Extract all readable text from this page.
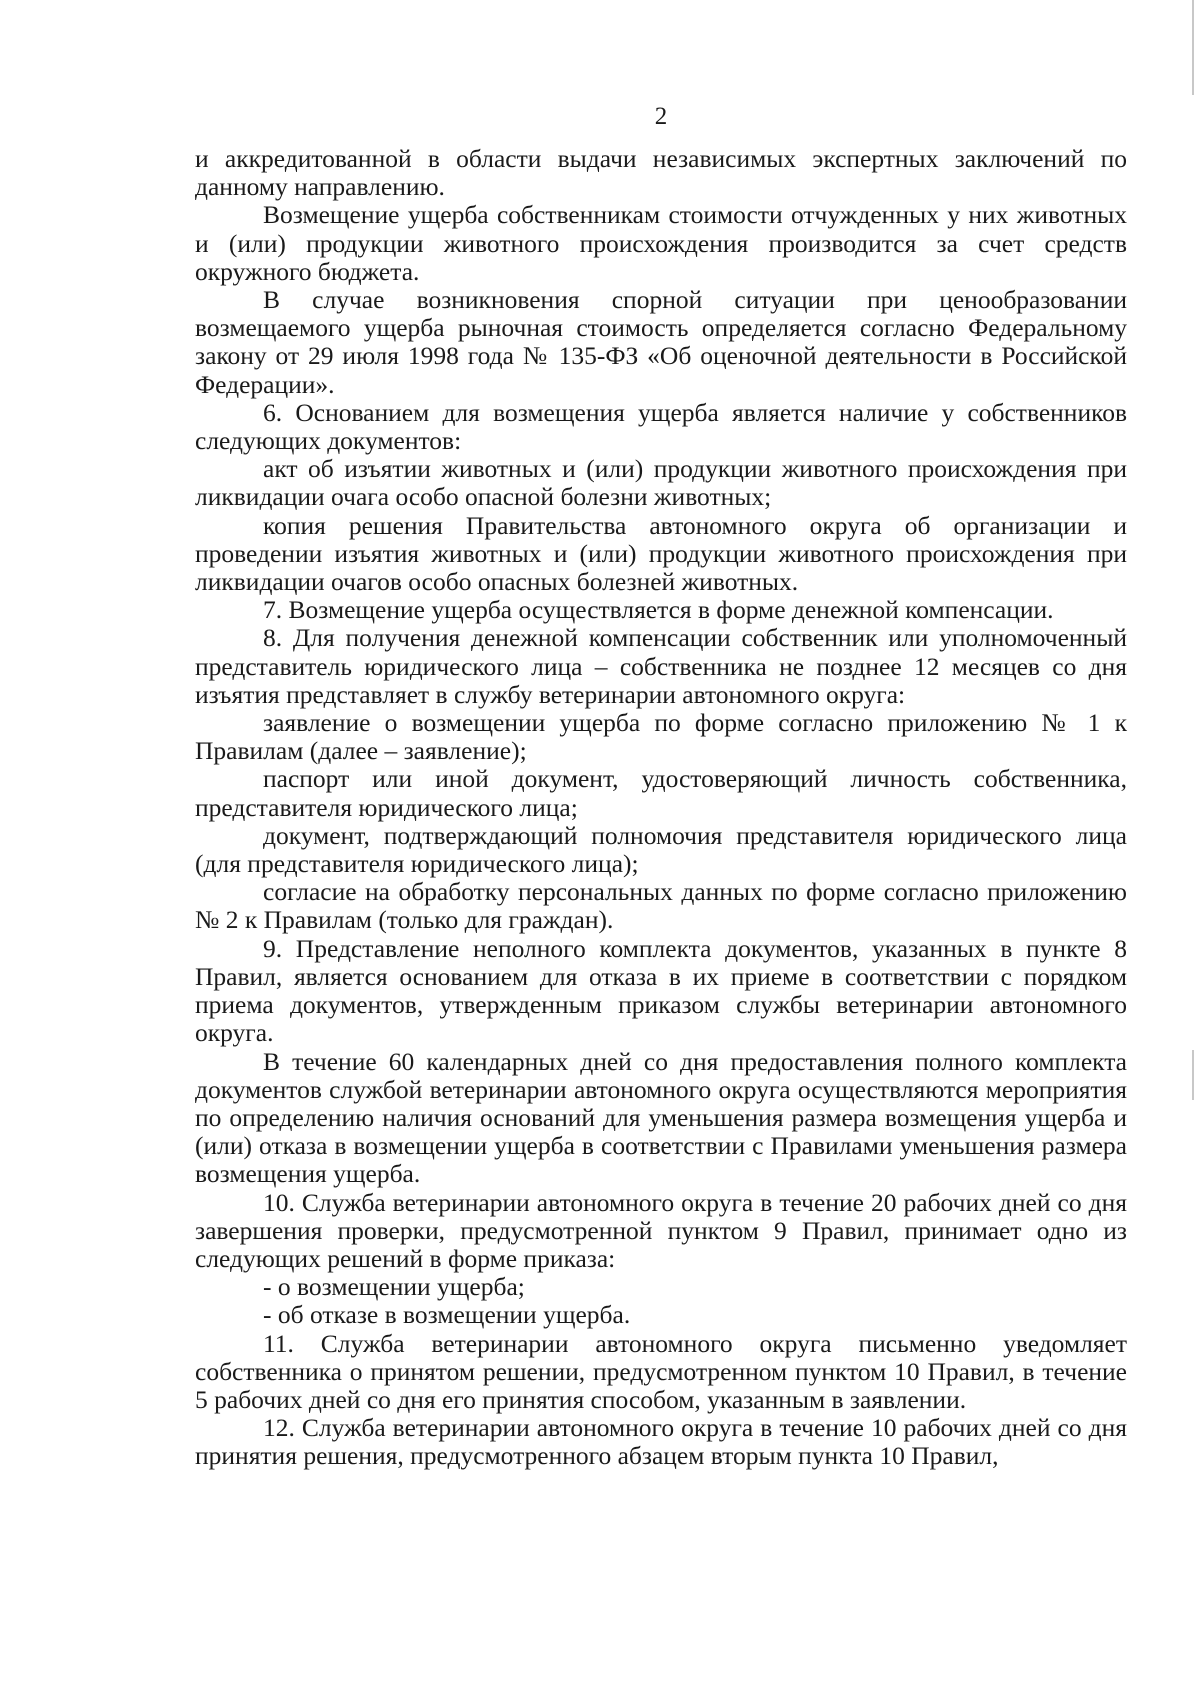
2

и аккредитованной в области выдачи независимых экспертных заключений по данному направлению.

Возмещение ущерба собственникам стоимости отчужденных у них животных и (или) продукции животного происхождения производится за счет средств окружного бюджета.

В случае возникновения спорной ситуации при ценообразовании возмещаемого ущерба рыночная стоимость определяется согласно Федеральному закону от 29 июля 1998 года № 135-ФЗ «Об оценочной деятельности в Российской Федерации».

6. Основанием для возмещения ущерба является наличие у собственников следующих документов:

акт об изъятии животных и (или) продукции животного происхождения при ликвидации очага особо опасной болезни животных;

копия решения Правительства автономного округа об организации и проведении изъятия животных и (или) продукции животного происхождения при ликвидации очагов особо опасных болезней животных.

7. Возмещение ущерба осуществляется в форме денежной компенсации.

8. Для получения денежной компенсации собственник или уполномоченный представитель юридического лица – собственника не позднее 12 месяцев со дня изъятия представляет в службу ветеринарии автономного округа:

заявление о возмещении ущерба по форме согласно приложению № 1 к Правилам (далее – заявление);

паспорт или иной документ, удостоверяющий личность собственника, представителя юридического лица;

документ, подтверждающий полномочия представителя юридического лица (для представителя юридического лица);

согласие на обработку персональных данных по форме согласно приложению № 2 к Правилам (только для граждан).

9. Представление неполного комплекта документов, указанных в пункте 8 Правил, является основанием для отказа в их приеме в соответствии с порядком приема документов, утвержденным приказом службы ветеринарии автономного округа.

В течение 60 календарных дней со дня предоставления полного комплекта документов службой ветеринарии автономного округа осуществляются мероприятия по определению наличия оснований для уменьшения размера возмещения ущерба и (или) отказа в возмещении ущерба в соответствии с Правилами уменьшения размера возмещения ущерба.

10. Служба ветеринарии автономного округа в течение 20 рабочих дней со дня завершения проверки, предусмотренной пунктом 9 Правил, принимает одно из следующих решений в форме приказа:

- о возмещении ущерба;

- об отказе в возмещении ущерба.

11. Служба ветеринарии автономного округа письменно уведомляет собственника о принятом решении, предусмотренном пунктом 10 Правил, в течение 5 рабочих дней со дня его принятия способом, указанным в заявлении.

12. Служба ветеринарии автономного округа в течение 10 рабочих дней со дня принятия решения, предусмотренного абзацем вторым пункта 10 Правил,
